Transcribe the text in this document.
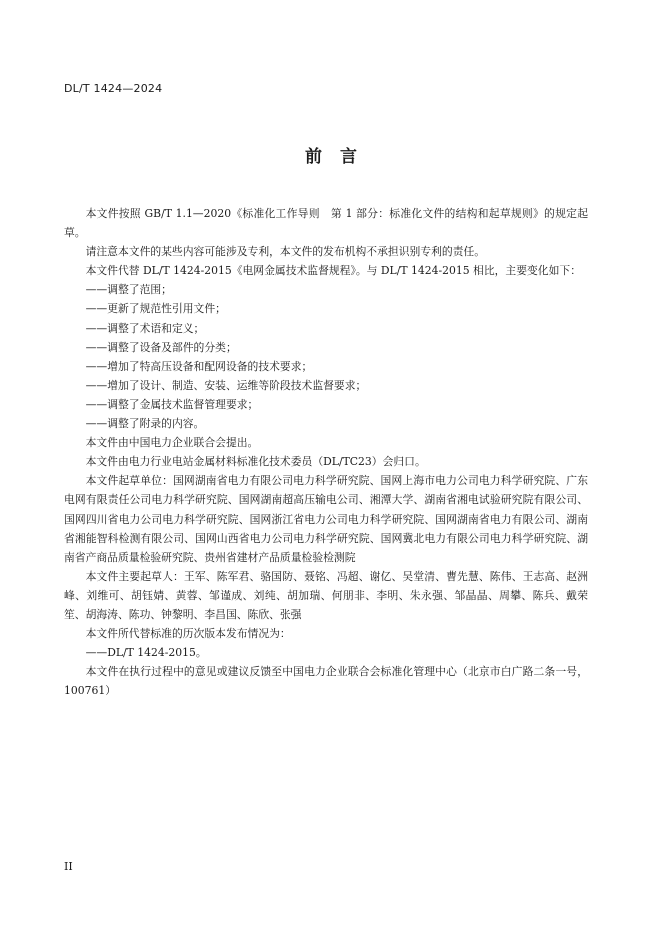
DL/T 1424—2024
前言

本文件按照 GB/T 1.1—2020《标准化工作导则　第 1 部分：标准化文件的结构和起草规则》的规定起草。

请注意本文件的某些内容可能涉及专利，本文件的发布机构不承担识别专利的责任。

本文件代替 DL/T 1424-2015《电网金属技术监督规程》。与 DL/T 1424-2015 相比，主要变化如下：

——调整了范围；

——更新了规范性引用文件；

——调整了术语和定义；

——调整了设备及部件的分类；

——增加了特高压设备和配网设备的技术要求；

——增加了设计、制造、安装、运维等阶段技术监督要求；

——调整了金属技术监督管理要求；

——调整了附录的内容。

本文件由中国电力企业联合会提出。

本文件由电力行业电站金属材料标准化技术委员（DL/TC23）会归口。

本文件起草单位：国网湖南省电力有限公司电力科学研究院、国网上海市电力公司电力科学研究院、广东电网有限责任公司电力科学研究院、国网湖南超高压输电公司、湘潭大学、湖南省湘电试验研究院有限公司、国网四川省电力公司电力科学研究院、国网浙江省电力公司电力科学研究院、国网湖南省电力有限公司、湖南省湘能智科检测有限公司、国网山西省电力公司电力科学研究院、国网冀北电力有限公司电力科学研究院、湖南省产商品质量检验研究院、贵州省建材产品质量检验检测院

本文件主要起草人：王军、陈军君、骆国防、聂铭、冯超、谢亿、吴堂清、曹先慧、陈伟、王志高、赵洲峰、刘维可、胡钰婧、黄蓉、邹谨成、刘纯、胡加瑞、何朋非、李明、朱永强、邹晶晶、周攀、陈兵、戴荣笙、胡海涛、陈功、钟黎明、李昌国、陈欣、张强

本文件所代替标准的历次版本发布情况为：

——DL/T 1424-2015。

本文件在执行过程中的意见或建议反馈至中国电力企业联合会标准化管理中心（北京市白广路二条一号，100761）

II
